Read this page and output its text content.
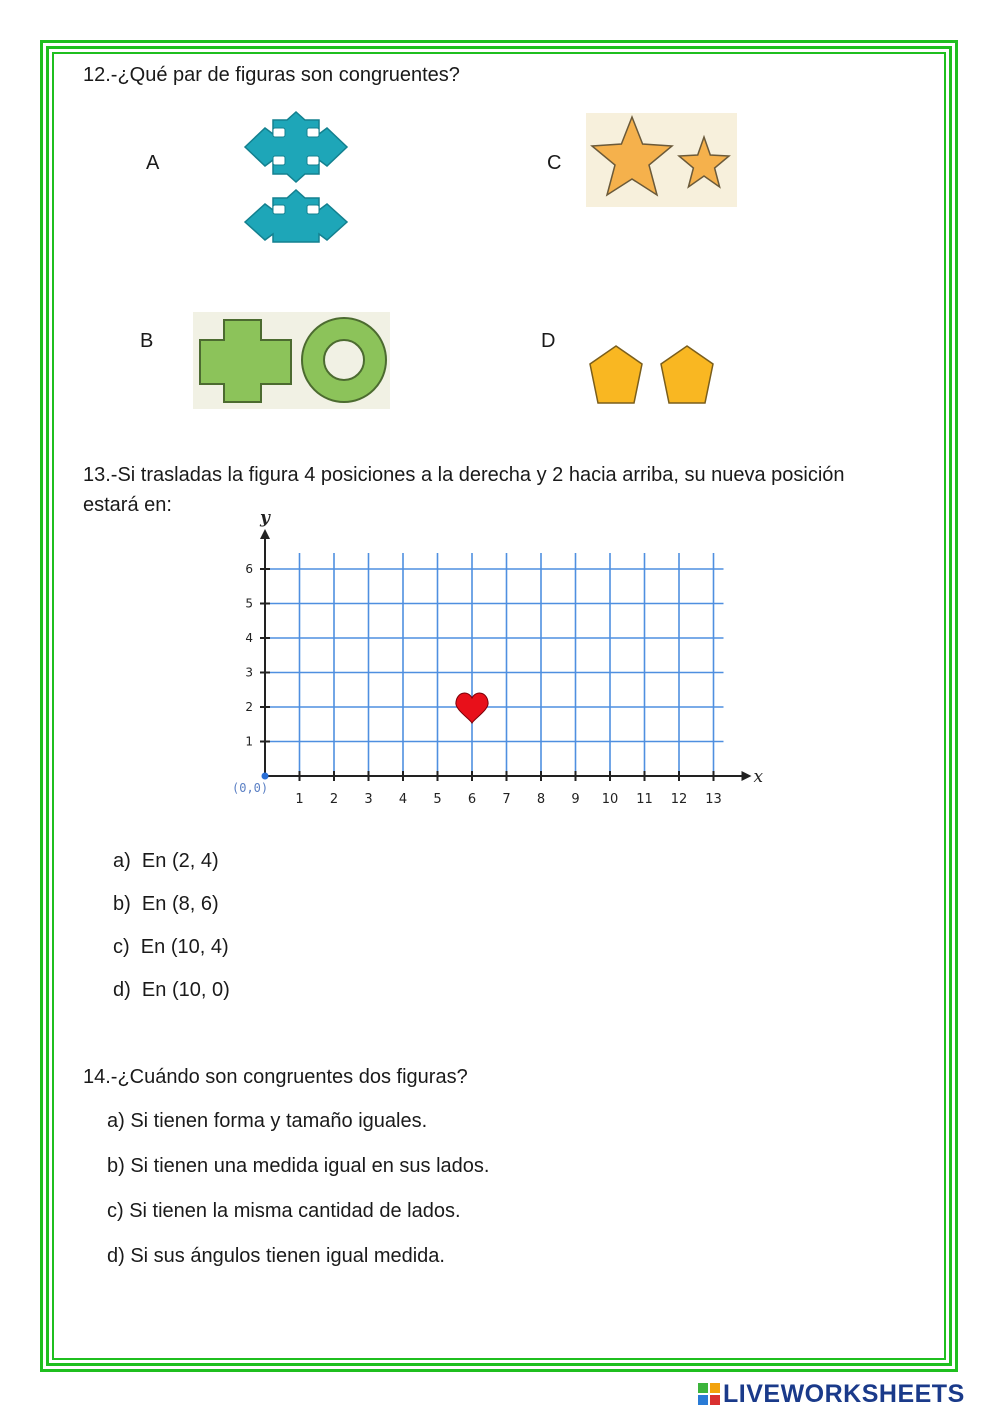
12.-¿Qué par de figuras son congruentes?
A	C
B	D
13.-Si trasladas la figura 4 posiciones a la derecha y 2 hacia arriba, su nueva posición estará en:
x
y
(0,0)
1 2 3 4 5 6 7 8 9 10 11 12 13
1
2
3
4
5
6
a) En (2, 4)
b) En (8, 6)
c) En (10, 4)
d) En (10, 0)
14.-¿Cuándo son congruentes dos figuras?
a) Si tienen forma y tamaño iguales.
b) Si tienen una medida igual en sus lados.
c) Si tienen la misma cantidad de lados.
d) Si sus ángulos tienen igual medida.
LIVEWORKSHEETS
